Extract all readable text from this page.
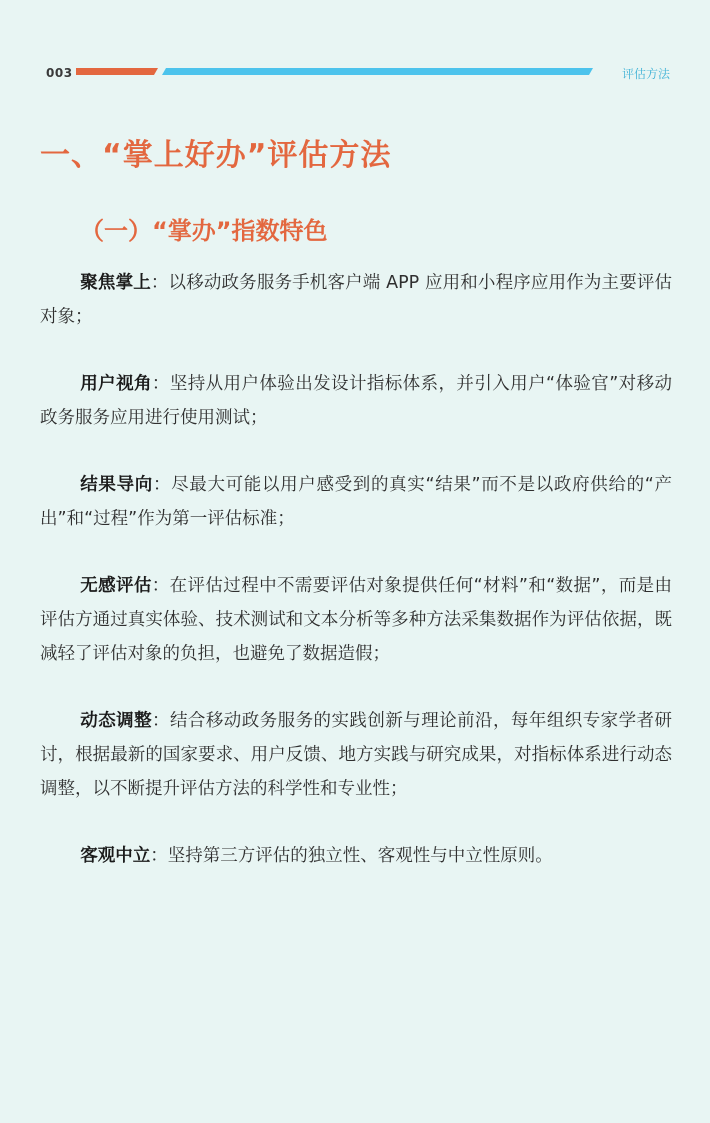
003	评估方法
一、“掌上好办”评估方法
（一）“掌办”指数特色

聚焦掌上：以移动政务服务手机客户端 APP 应用和小程序应用作为主要评估对象；

用户视角：坚持从用户体验出发设计指标体系，并引入用户“体验官”对移动政务服务应用进行使用测试；

结果导向：尽最大可能以用户感受到的真实“结果”而不是以政府供给的“产出”和“过程”作为第一评估标准；

无感评估：在评估过程中不需要评估对象提供任何“材料”和“数据”，而是由评估方通过真实体验、技术测试和文本分析等多种方法采集数据作为评估依据，既减轻了评估对象的负担，也避免了数据造假；

动态调整：结合移动政务服务的实践创新与理论前沿，每年组织专家学者研讨，根据最新的国家要求、用户反馈、地方实践与研究成果，对指标体系进行动态调整，以不断提升评估方法的科学性和专业性；

客观中立：坚持第三方评估的独立性、客观性与中立性原则。
